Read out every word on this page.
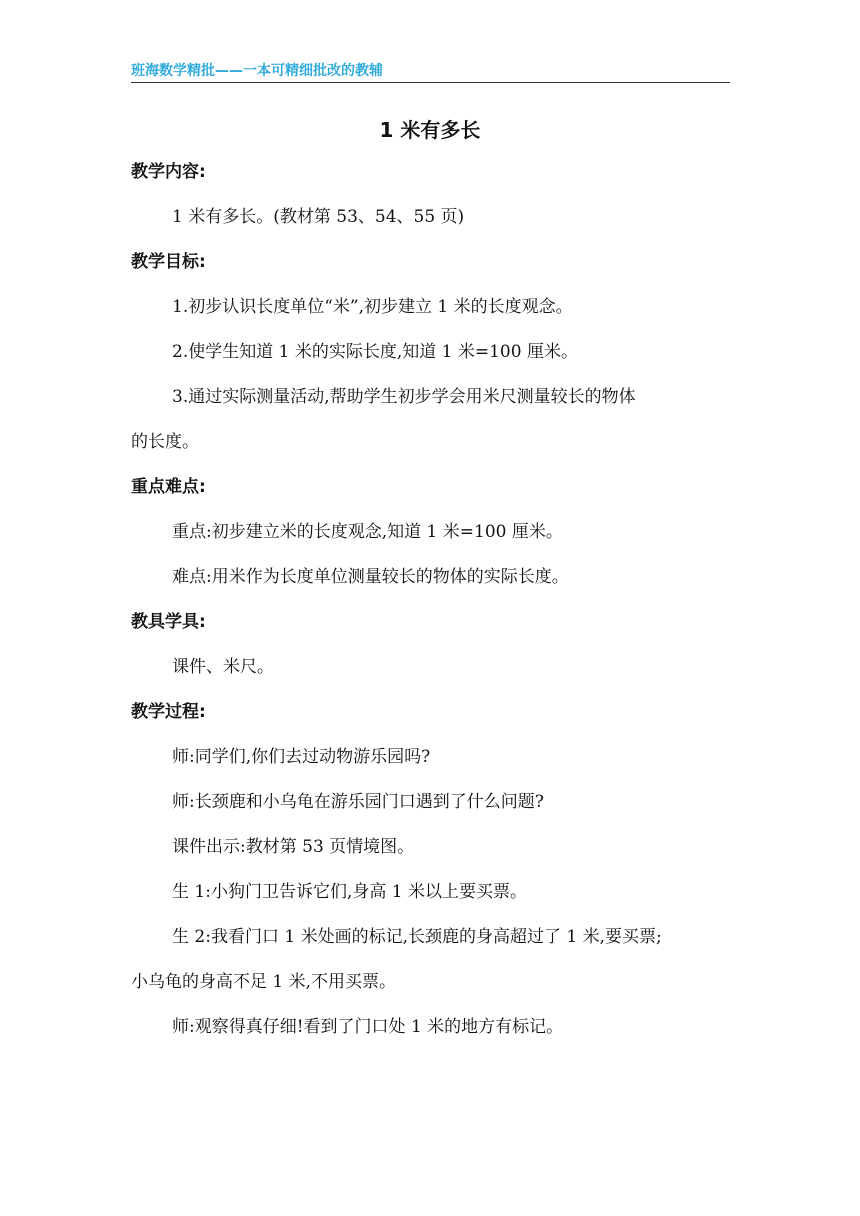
班海数学精批——一本可精细批改的教辅
1 米有多长
教学内容:
1 米有多长。(教材第 53、54、55 页)
教学目标:
1.初步认识长度单位“米”,初步建立 1 米的长度观念。
2.使学生知道 1 米的实际长度,知道 1 米=100 厘米。
3.通过实际测量活动,帮助学生初步学会用米尺测量较长的物体
的长度。
重点难点:
重点:初步建立米的长度观念,知道 1 米=100 厘米。
难点:用米作为长度单位测量较长的物体的实际长度。
教具学具:
课件、米尺。
教学过程:
师:同学们,你们去过动物游乐园吗?
师:长颈鹿和小乌龟在游乐园门口遇到了什么问题?
课件出示:教材第 53 页情境图。
生 1:小狗门卫告诉它们,身高 1 米以上要买票。
生 2:我看门口 1 米处画的标记,长颈鹿的身高超过了 1 米,要买票;
小乌龟的身高不足 1 米,不用买票。
师:观察得真仔细!看到了门口处 1 米的地方有标记。
